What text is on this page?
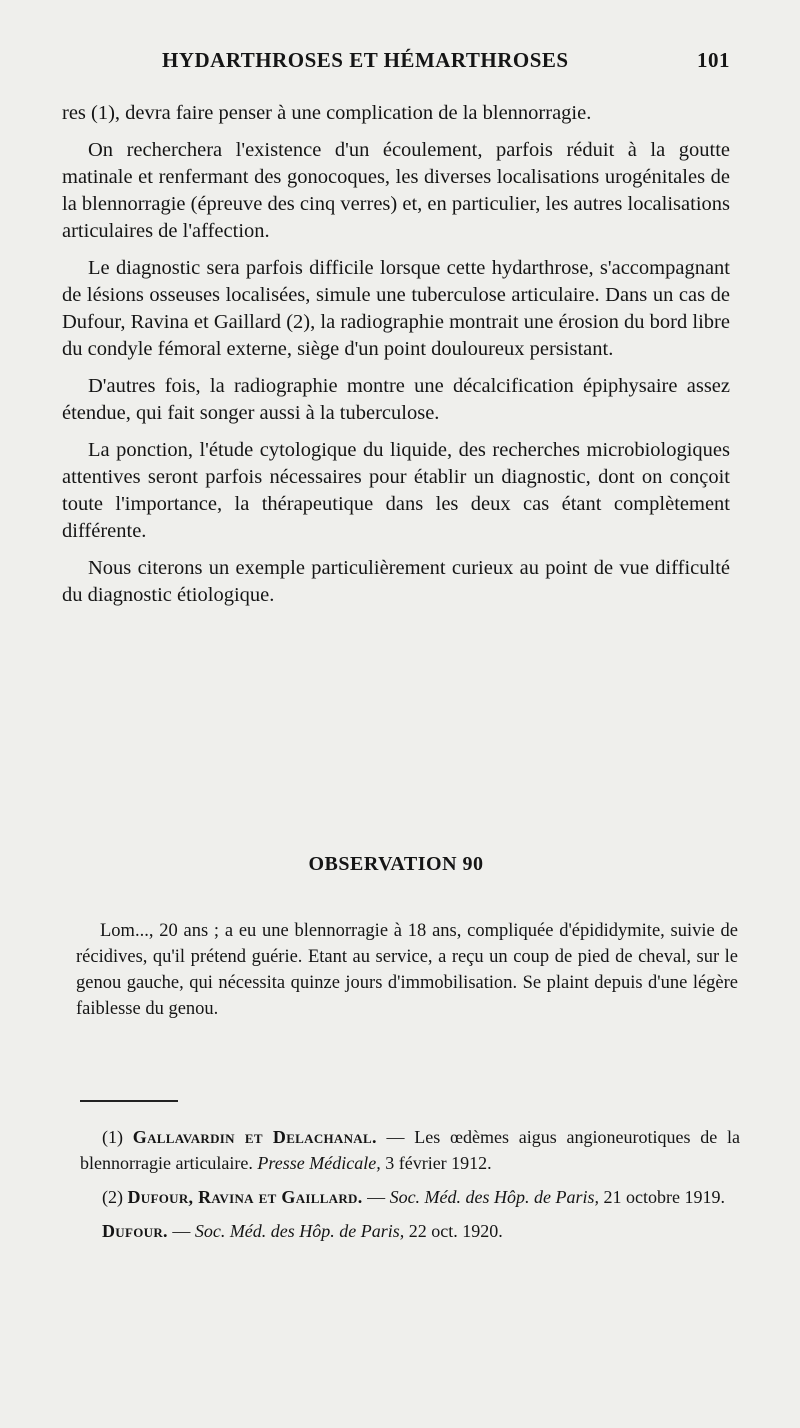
HYDARTHROSES ET HÉMARTHROSES	101

res (1), devra faire penser à une complication de la blennorragie.

On recherchera l'existence d'un écoulement, parfois réduit à la goutte matinale et renfermant des gonocoques, les diverses localisations urogénitales de la blennorragie (épreuve des cinq verres) et, en particulier, les autres localisations articulaires de l'affection.

Le diagnostic sera parfois difficile lorsque cette hydarthrose, s'accompagnant de lésions osseuses localisées, simule une tuberculose articulaire. Dans un cas de Dufour, Ravina et Gaillard (2), la radiographie montrait une érosion du bord libre du condyle fémoral externe, siège d'un point douloureux persistant.

D'autres fois, la radiographie montre une décalcification épiphysaire assez étendue, qui fait songer aussi à la tuberculose.

La ponction, l'étude cytologique du liquide, des recherches microbiologiques attentives seront parfois nécessaires pour établir un diagnostic, dont on conçoit toute l'importance, la thérapeutique dans les deux cas étant complètement différente.

Nous citerons un exemple particulièrement curieux au point de vue difficulté du diagnostic étiologique.

OBSERVATION 90
Lom..., 20 ans ; a eu une blennorragie à 18 ans, compliquée d'épididymite, suivie de récidives, qu'il prétend guérie. Etant au service, a reçu un coup de pied de cheval, sur le genou gauche, qui nécessita quinze jours d'immobilisation. Se plaint depuis d'une légère faiblesse du genou.
(1) Gallavardin et Delachanal. — Les œdèmes aigus angioneurotiques de la blennorragie articulaire. Presse Médicale, 3 février 1912.
(2) Dufour, Ravina et Gaillard. — Soc. Méd. des Hôp. de Paris, 21 octobre 1919.
Dufour. — Soc. Méd. des Hôp. de Paris, 22 oct. 1920.
